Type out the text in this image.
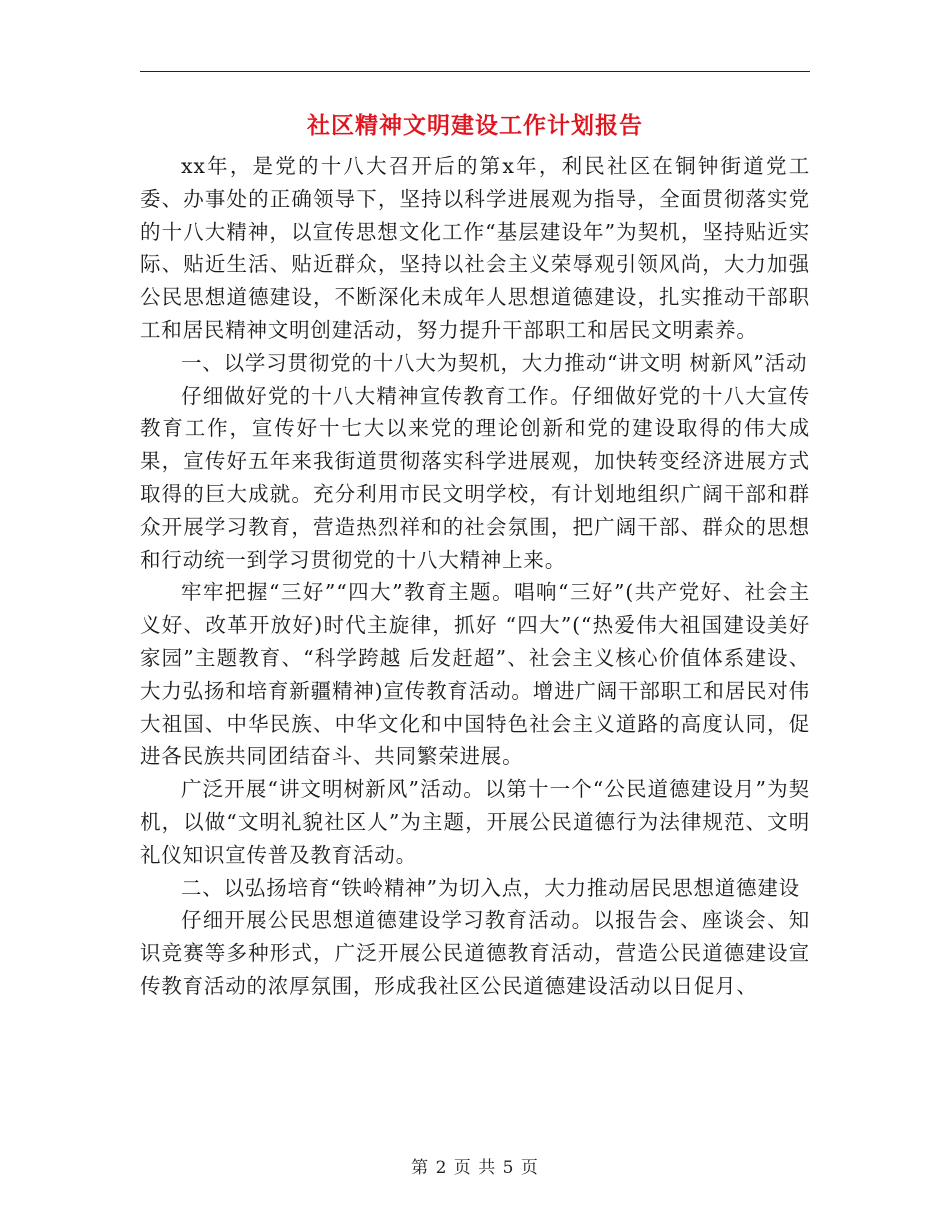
社区精神文明建设工作计划报告

xx年，是党的十八大召开后的第x年，利民社区在铜钟街道党工委、办事处的正确领导下，坚持以科学进展观为指导，全面贯彻落实党的十八大精神，以宣传思想文化工作“基层建设年”为契机，坚持贴近实际、贴近生活、贴近群众，坚持以社会主义荣辱观引领风尚，大力加强公民思想道德建设，不断深化未成年人思想道德建设，扎实推动干部职工和居民精神文明创建活动，努力提升干部职工和居民文明素养。

一、以学习贯彻党的十八大为契机，大力推动“讲文明 树新风”活动

仔细做好党的十八大精神宣传教育工作。仔细做好党的十八大宣传教育工作，宣传好十七大以来党的理论创新和党的建设取得的伟大成果，宣传好五年来我街道贯彻落实科学进展观，加快转变经济进展方式取得的巨大成就。充分利用市民文明学校，有计划地组织广阔干部和群众开展学习教育，营造热烈祥和的社会氛围，把广阔干部、群众的思想和行动统一到学习贯彻党的十八大精神上来。

牢牢把握“三好”“四大”教育主题。唱响“三好”(共产党好、社会主义好、改革开放好)时代主旋律，抓好 “四大”(“热爱伟大祖国建设美好家园”主题教育、“科学跨越 后发赶超”、社会主义核心价值体系建设、大力弘扬和培育新疆精神)宣传教育活动。增进广阔干部职工和居民对伟大祖国、中华民族、中华文化和中国特色社会主义道路的高度认同，促进各民族共同团结奋斗、共同繁荣进展。

广泛开展“讲文明树新风”活动。以第十一个“公民道德建设月”为契机，以做“文明礼貌社区人”为主题，开展公民道德行为法律规范、文明礼仪知识宣传普及教育活动。

二、以弘扬培育“铁岭精神”为切入点，大力推动居民思想道德建设

仔细开展公民思想道德建设学习教育活动。以报告会、座谈会、知识竞赛等多种形式，广泛开展公民道德教育活动，营造公民道德建设宣传教育活动的浓厚氛围，形成我社区公民道德建设活动以日促月、

第 2 页 共 5 页
